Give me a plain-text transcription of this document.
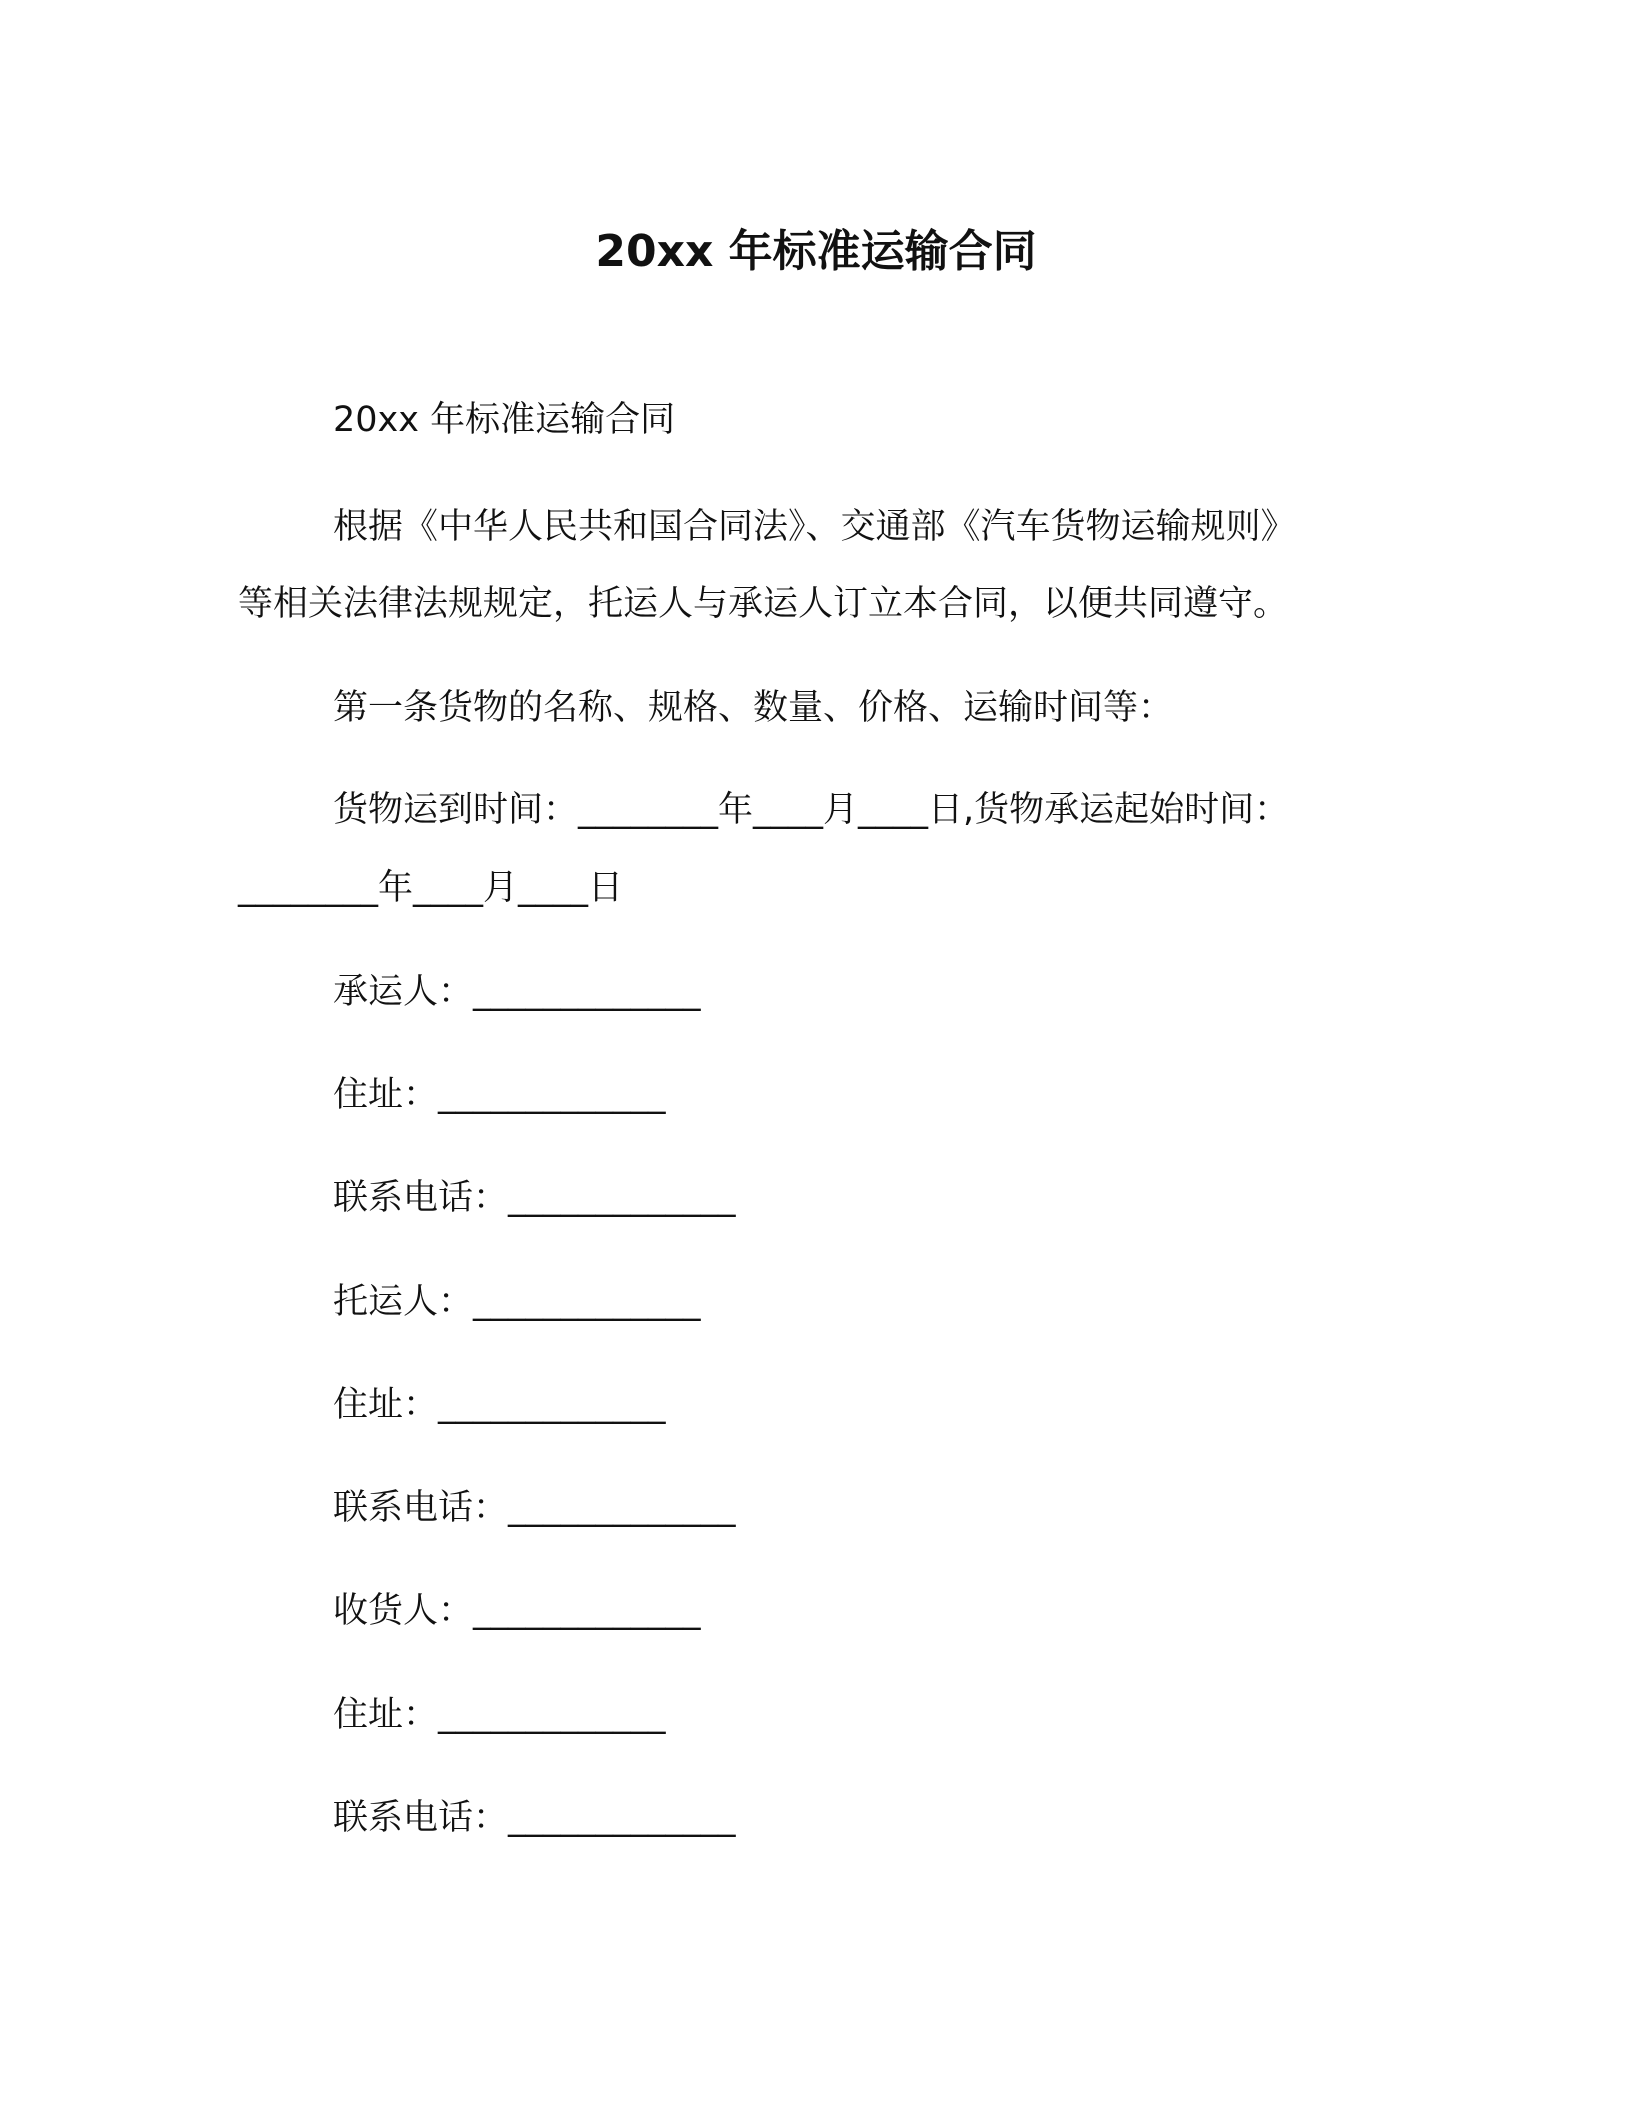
20xx 年标准运输合同
20xx 年标准运输合同
根据《中华人民共和国合同法》、交通部《汽车货物运输规则》
等相关法律法规规定，托运人与承运人订立本合同，以便共同遵守。
第一条货物的名称、规格、数量、价格、运输时间等：
货物运到时间：________年____月____日,货物承运起始时间：
________年____月____日
承运人：_____________
住址：_____________
联系电话：_____________
托运人：_____________
住址：_____________
联系电话：_____________
收货人：_____________
住址：_____________
联系电话：_____________
